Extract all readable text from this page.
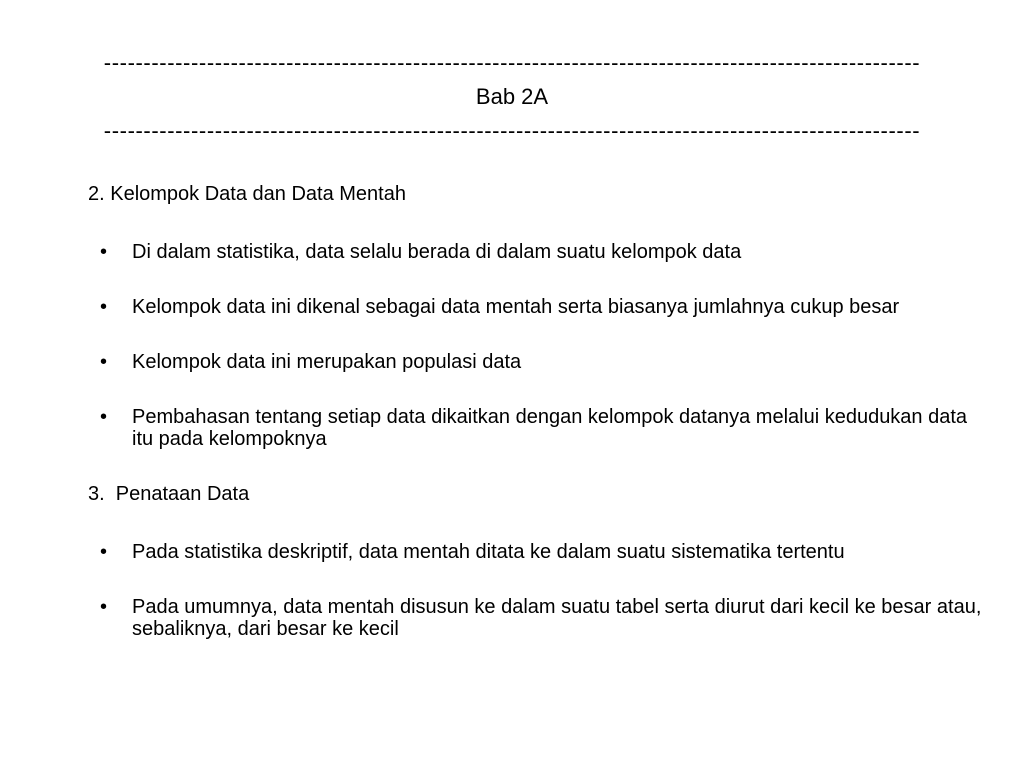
-------------------------------------------------------------------------------------------------------
Bab 2A
-------------------------------------------------------------------------------------------------------
2. Kelompok Data dan Data Mentah
• Di dalam statistika, data selalu berada di dalam suatu kelompok data
• Kelompok data ini dikenal sebagai data mentah serta biasanya jumlahnya cukup besar
• Kelompok data ini merupakan populasi data
• Pembahasan tentang setiap data dikaitkan dengan kelompok datanya melalui kedudukan data itu pada kelompoknya
3.  Penataan Data
• Pada statistika deskriptif, data mentah ditata ke dalam suatu sistematika tertentu
• Pada umumnya, data mentah disusun ke dalam suatu tabel serta diurut dari kecil ke besar atau, sebaliknya, dari besar ke kecil
